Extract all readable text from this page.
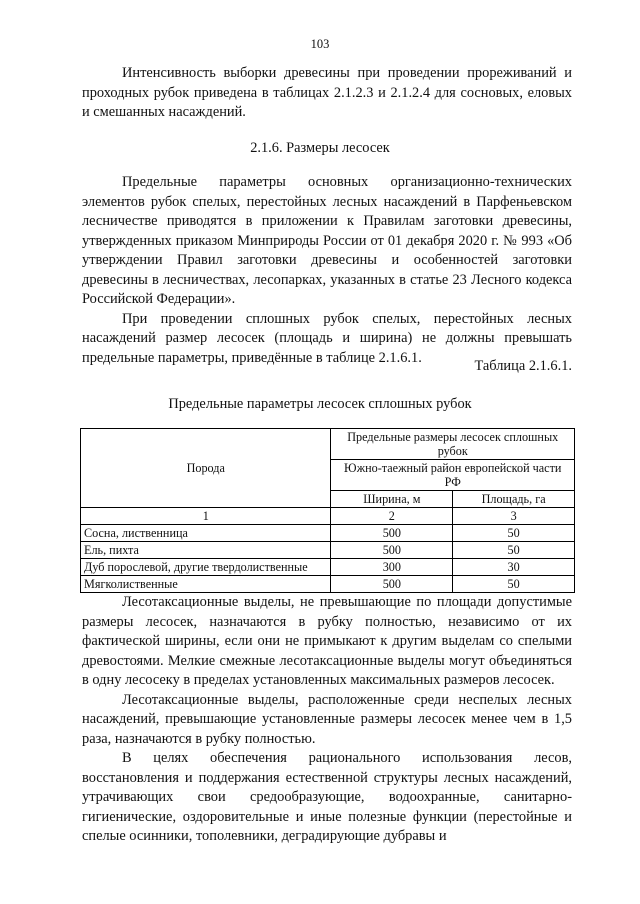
103

Интенсивность выборки древесины при проведении прореживаний и проходных рубок приведена в таблицах 2.1.2.3 и 2.1.2.4 для сосновых, еловых и смешанных насаждений.

2.1.6. Размеры лесосек

Предельные параметры основных организационно-технических элементов рубок спелых, перестойных лесных насаждений в Парфеньевском лесничестве приводятся в приложении к Правилам заготовки древесины, утвержденных приказом Минприроды России от 01 декабря 2020 г. № 993 «Об утверждении Правил заготовки древесины и особенностей заготовки древесины в лесничествах, лесопарках, указанных в статье 23 Лесного кодекса Российской Федерации».

При проведении сплошных рубок спелых, перестойных лесных насаждений размер лесосек (площадь и ширина) не должны превышать предельные параметры, приведённые в таблице 2.1.6.1.

Таблица 2.1.6.1.
Предельные параметры лесосек сплошных рубок
Порода	Предельные размеры лесосек сплошных рубок	
	Южно-таежный район европейской части РФ	
	Ширина, м	Площадь, га
1	2	3
Сосна, лиственница	500	50
Ель, пихта	500	50
Дуб порослевой, другие твердолиственные	300	30
Мягколиственные	500	50

Лесотаксационные выделы, не превышающие по площади допустимые размеры лесосек, назначаются в рубку полностью, независимо от их фактической ширины, если они не примыкают к другим выделам со спелыми древостоями. Мелкие смежные лесотаксационные выделы могут объединяться в одну лесосеку в пределах установленных максимальных размеров лесосек.

Лесотаксационные выделы, расположенные среди неспелых лесных насаждений, превышающие установленные размеры лесосек менее чем в 1,5 раза, назначаются в рубку полностью.

В целях обеспечения рационального использования лесов, восстановления и поддержания естественной структуры лесных насаждений, утрачивающих свои средообразующие, водоохранные, санитарно-гигиенические, оздоровительные и иные полезные функции (перестойные и спелые осинники, тополевники, деградирующие дубравы и
